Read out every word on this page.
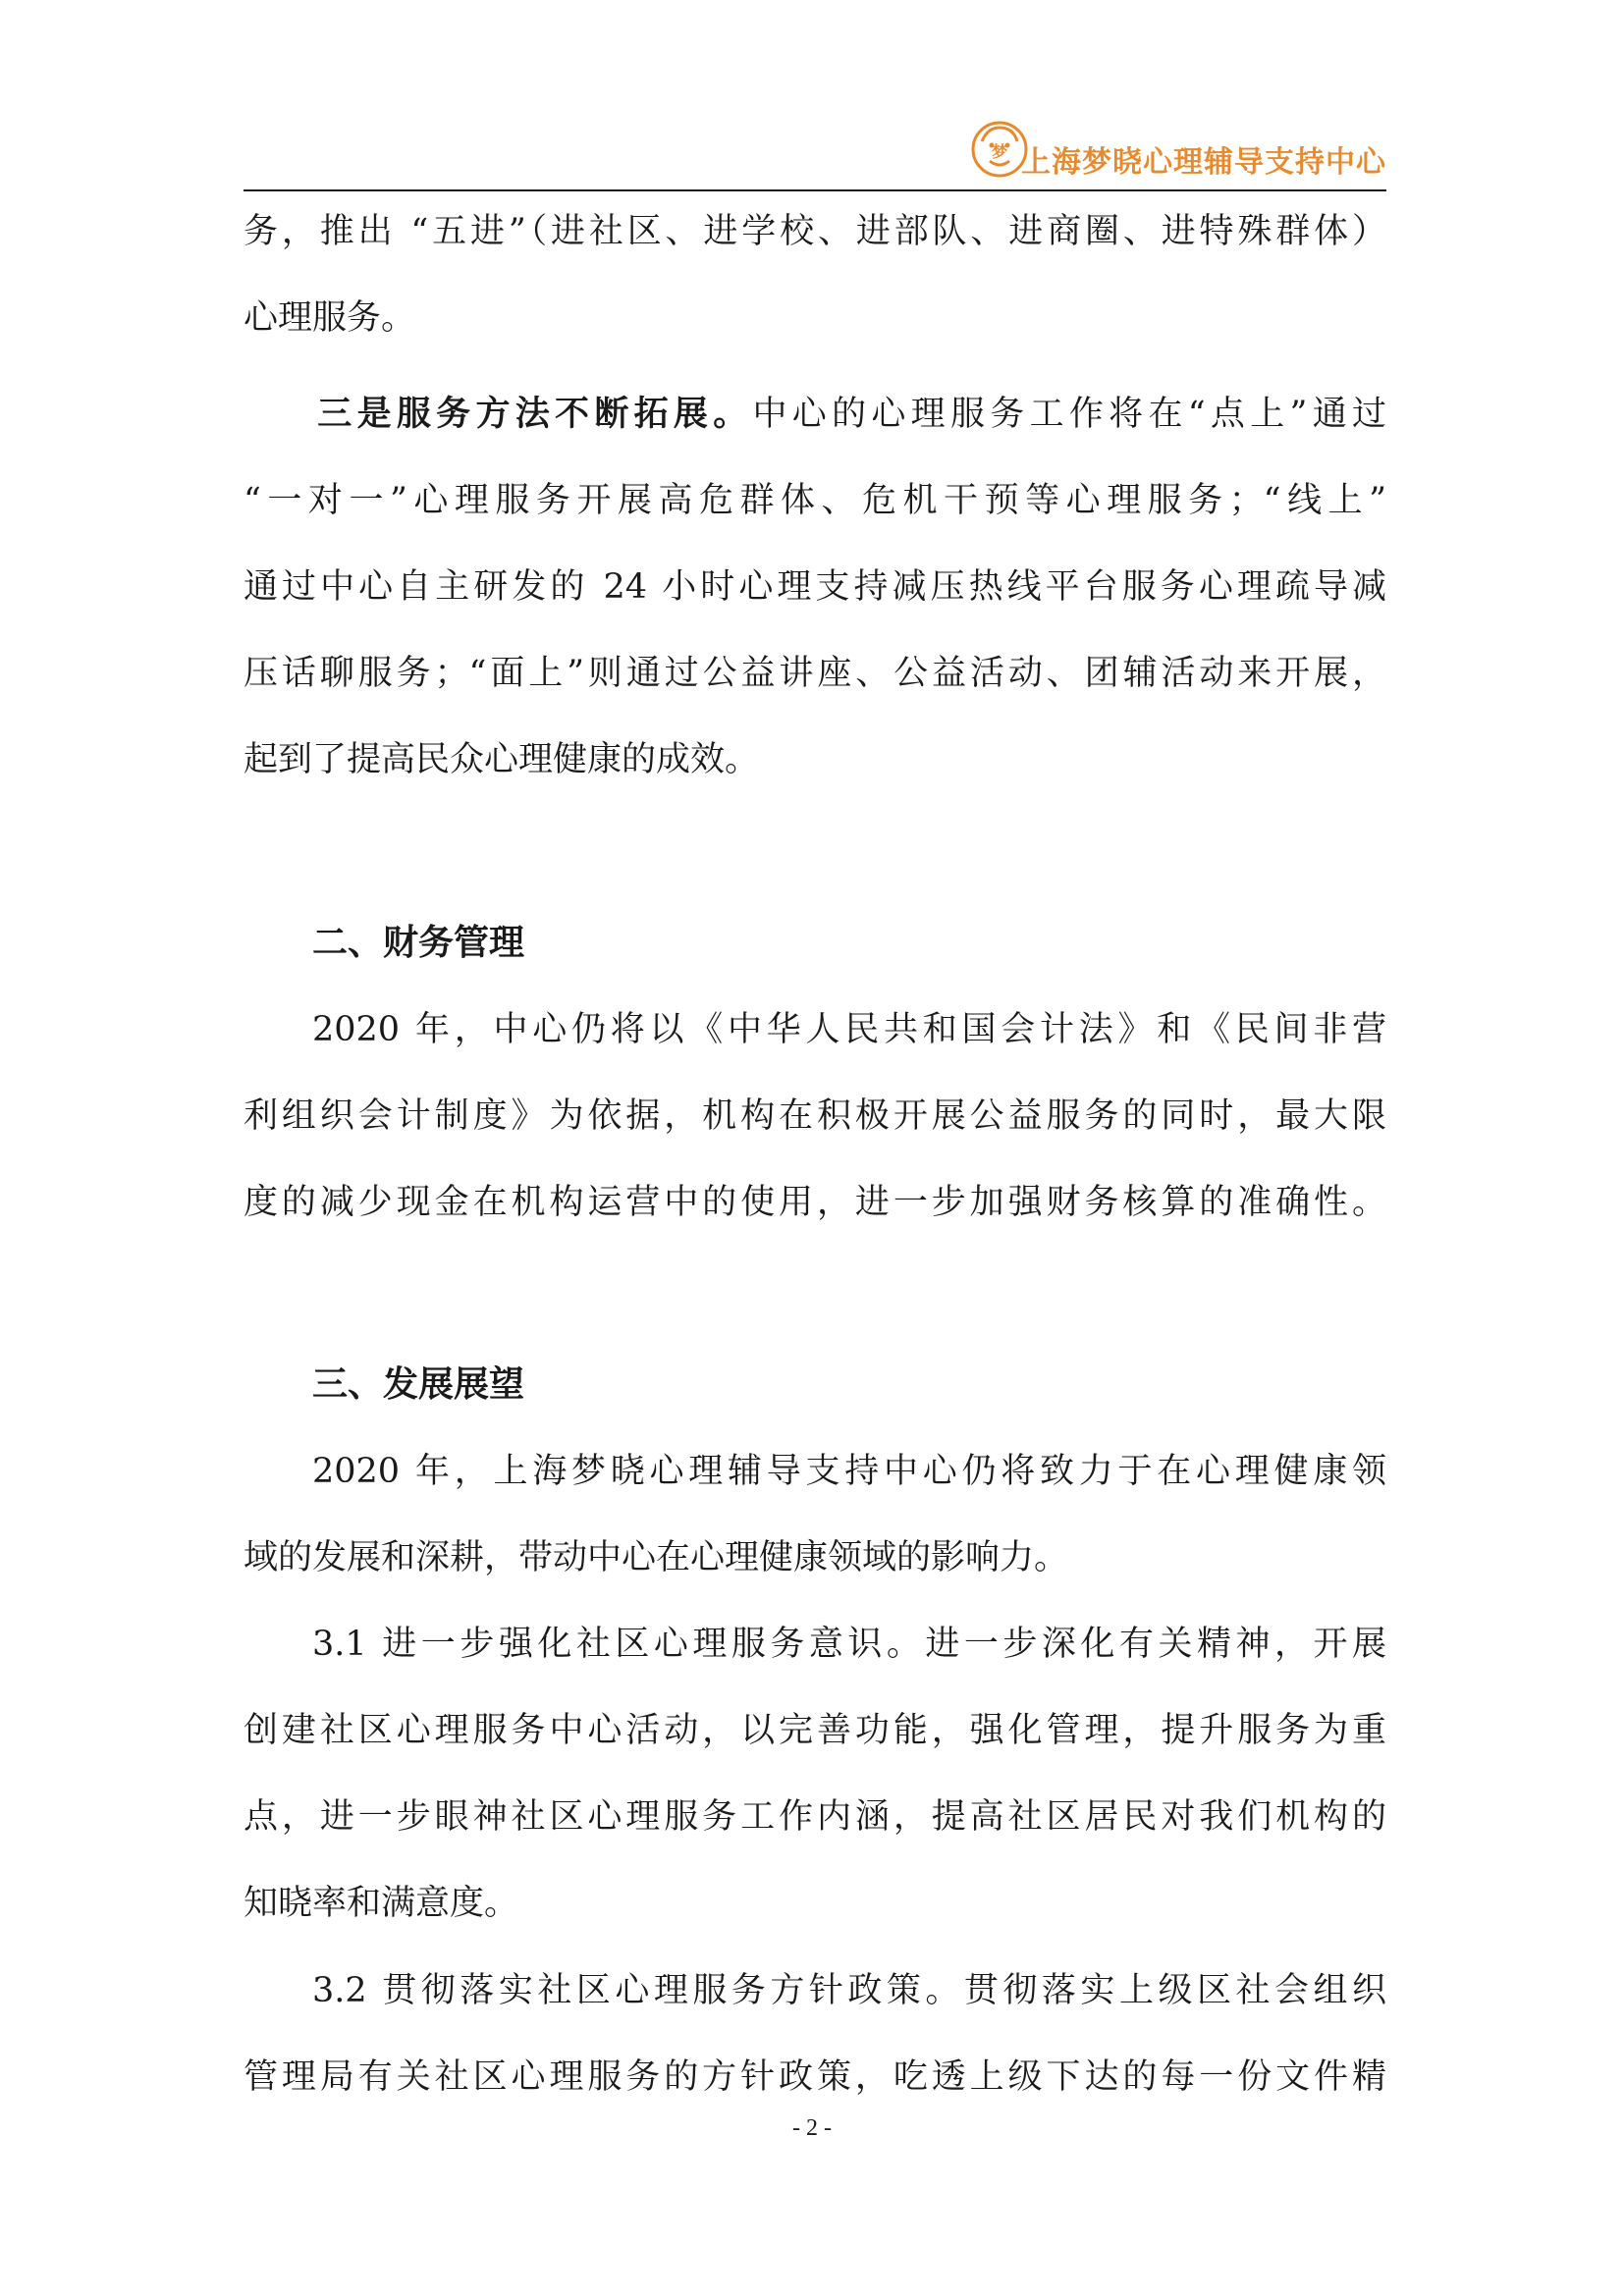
梦 上海梦晓心理辅导支持中心
务，推出 “五进”（进社区、进学校、进部队、进商圈、进特殊群体）
心理服务。
三是服务方法不断拓展。中心的心理服务工作将在“点上”通过
“一对一”心理服务开展高危群体、危机干预等心理服务；“线上”
通过中心自主研发的 24 小时心理支持减压热线平台服务心理疏导减
压话聊服务；“面上”则通过公益讲座、公益活动、团辅活动来开展，
起到了提高民众心理健康的成效。
二、财务管理
2020 年，中心仍将以《中华人民共和国会计法》和《民间非营
利组织会计制度》为依据，机构在积极开展公益服务的同时，最大限
度的减少现金在机构运营中的使用，进一步加强财务核算的准确性。
三、发展展望
2020 年，上海梦晓心理辅导支持中心仍将致力于在心理健康领
域的发展和深耕，带动中心在心理健康领域的影响力。
3.1 进一步强化社区心理服务意识。进一步深化有关精神，开展
创建社区心理服务中心活动，以完善功能，强化管理，提升服务为重
点，进一步眼神社区心理服务工作内涵，提高社区居民对我们机构的
知晓率和满意度。
3.2 贯彻落实社区心理服务方针政策。贯彻落实上级区社会组织
管理局有关社区心理服务的方针政策，吃透上级下达的每一份文件精
- 2 -
